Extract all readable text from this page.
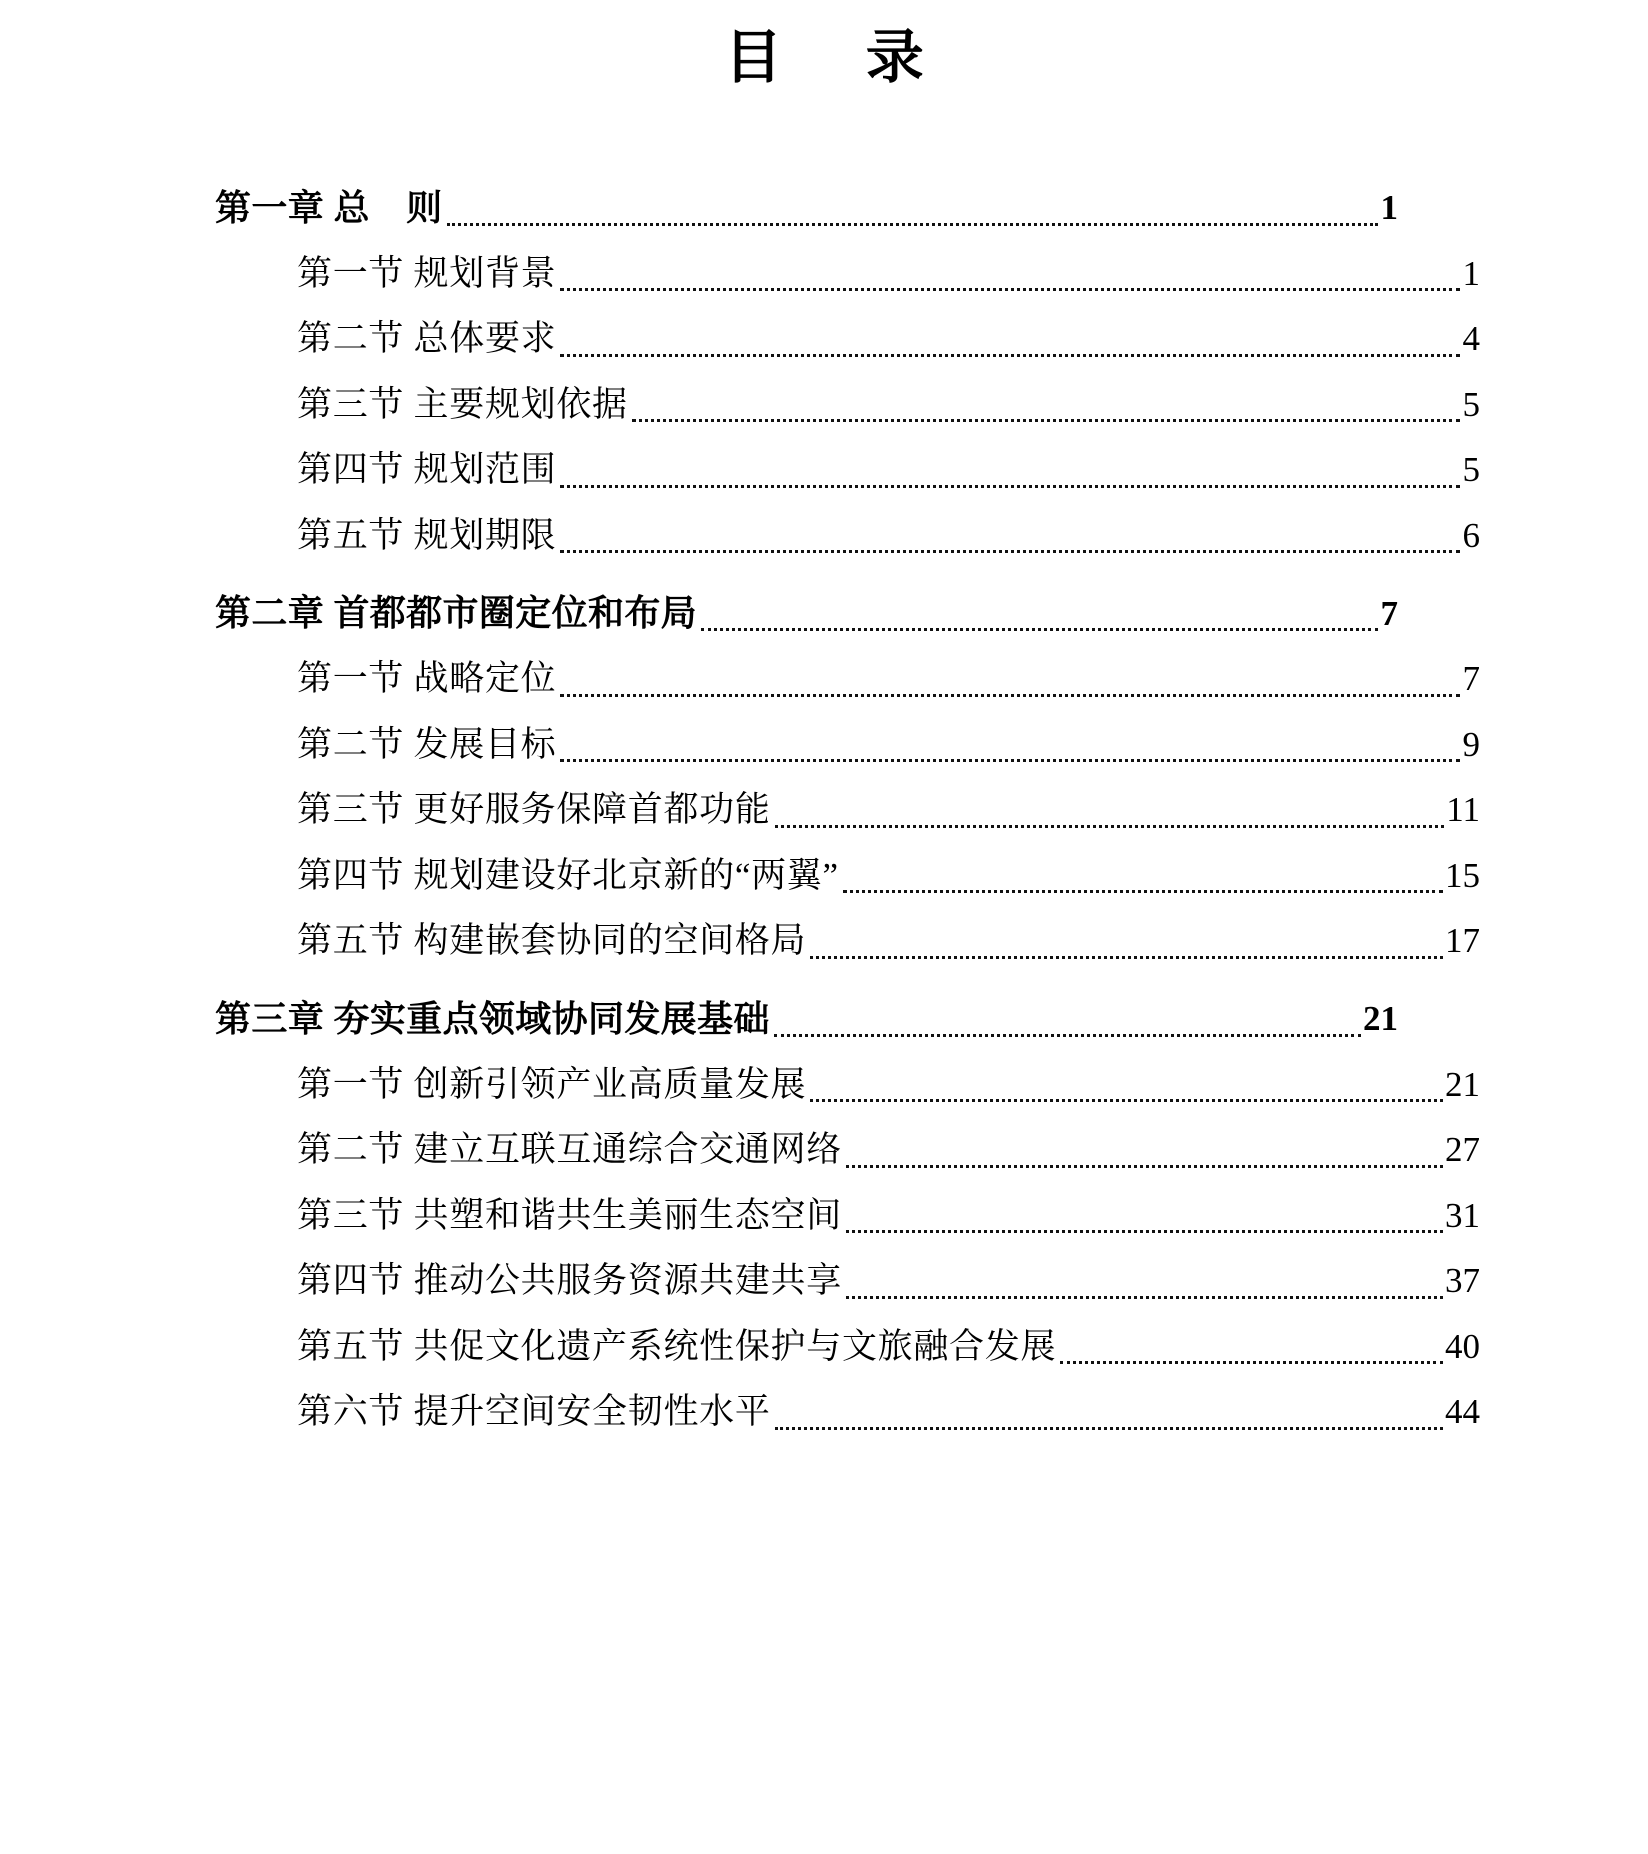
目　录
第一章 总　则	1
第一节 规划背景	1
第二节 总体要求	4
第三节 主要规划依据	5
第四节 规划范围	5
第五节 规划期限	6
第二章 首都都市圈定位和布局	7
第一节 战略定位	7
第二节 发展目标	9
第三节 更好服务保障首都功能	11
第四节 规划建设好北京新的“两翼”	15
第五节 构建嵌套协同的空间格局	17
第三章 夯实重点领域协同发展基础	21
第一节 创新引领产业高质量发展	21
第二节 建立互联互通综合交通网络	27
第三节 共塑和谐共生美丽生态空间	31
第四节 推动公共服务资源共建共享	37
第五节 共促文化遗产系统性保护与文旅融合发展	40
第六节 提升空间安全韧性水平	44
